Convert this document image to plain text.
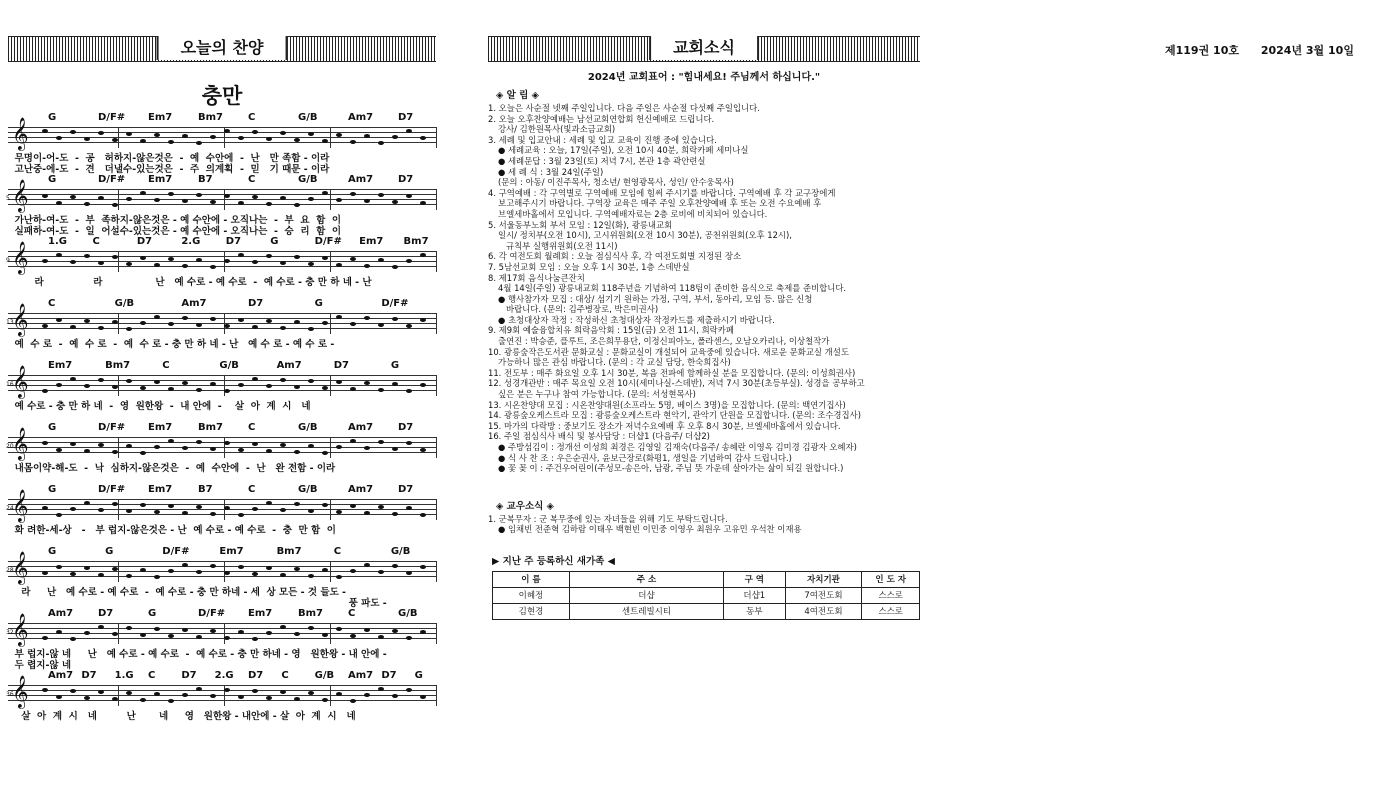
제119권 10호 2024년 3월 10일
오늘의 찬양
충만
G	D/F# Em7	Bm7	C	G/B	Am7 D7
𝄞
무명이-어-도  -  공   허하지-않은것은  -  예  수안에  -  난   만 족함 - 이라
고난중-에-도  -  견   더낼수-있는것은  -  주  의계획  -  믿   기 때문 - 이라
G	D/F# Em7	B7	C	G/B	Am7 D7
𝄞
5
가난하-여-도  -  부  족하지-않은것은 - 예 수안에 - 오직나는  -  부  요  함  이
실패하-여-도  -  일  어설수-있는것은 - 예 수안에 - 오직나는  -  승  리  함  이
1.G	C	D7	2.G	D7	G	D/F# Em7 Bm7
𝄞
9
라               라                난   예 수로 - 예 수로  -  예 수로 - 충 만 하 네 - 난
C	G/B	Am7	D7	G	D/F#
𝄞
13
예  수 로  -  예  수 로  -  예  수 로 - 충 만 하 네 - 난   예 수 로 - 예 수 로 -
Em7	Bm7	C	G/B	Am7	D7	G
𝄞
16
예 수로 - 충 만 하 네  -  영  원한왕  -  내 안에  -    살  아  계  시   네
G	D/F# Em7	Bm7	C	G/B	Am7 D7
𝄞
20
내몸이약-해-도  -  낙  심하지-않은것은  -  예  수안에  -  난   완 전함 - 이라
G	D/F# Em7	B7	C	G/B	Am7 D7
𝄞
24
화 려한-세-상   -   부 럽지-않은것은 - 난  예 수로 - 예 수로  -  충  만 함  이
G	G	D/F#	Em7	Bm7	C	G/B
𝄞
28
라     난   예 수로 - 예 수로  -  예 수로 - 충 만 하네 - 세  상 모든 - 것 들도 -
풍 파도 -
Am7 D7	G	D/F# Em7	Bm7	C	G/B
𝄞
32
부 럽지-않 네     난   예 수로 - 예 수로  -  예 수로 - 충 만 하네 - 영   원한왕 - 내 안에 -
두 렵지-않 네
Am7 D7 1.G C	D7 2.G D7 C	G/B Am7 D7 G
𝄞
36
살  아  계  시   네         난       네     영   원한왕 - 내안에 - 살  아  계  시   네
교회소식
2024년 교회표어 : "힘내세요! 주님께서 하십니다."
◈ 알 림 ◈
1. 오늘은 사순절 넷째 주일입니다. 다음 주일은 사순절 다섯째 주일입니다.
2. 오늘 오후찬양예배는 남선교회연합회 헌신예배로 드립니다.
강사/ 김한원목사(빛과소금교회)
3. 세례 및 입교안내 : 세례 및 입교 교육이 진행 중에 있습니다.
● 세례교육 : 오늘, 17일(주일), 오전 10시 40분, 희락카페 세미나실
● 세례문답 : 3월 23일(토) 저녁 7시, 본관 1층 곽안련실
● 세 례 식 : 3월 24일(주일)
(문의 : 아동/ 이진주목사, 청소년/ 현영광목사, 성인/ 안수웅목사)
4. 구역예배 : 각 구역별로 구역예배 모임에 힘써 주시기를 바랍니다. 구역예배 후 각 교구장에게
보고해주시기 바랍니다. 구역장 교육은 매주 주일 오후찬양예배 후 또는 오전 수요예배 후
브엘세바홀에서 모입니다. 구역예배자료는 2층 로비에 비치되어 있습니다.
5. 서울동부노회 부서 모임 : 12일(화), 광릉내교회
일시/ 정치부(오전 10시), 고시위원회(오전 10시 30분), 공천위원회(오후 12시),
규칙부 실행위원회(오전 11시)
6. 각 여전도회 월례회 : 오늘 점심식사 후, 각 여전도회별 지정된 장소
7. 5남선교회 모임 : 오늘 오후 1시 30분, 1층 스데반실
8. 제17회 음식나눔큰잔치
4월 14일(주일) 광릉내교회 118주년을 기념하여 118팀이 준비한 음식으로 축제를 준비합니다.
● 행사참가자 모집 : 대상/ 섬기기 원하는 가정, 구역, 부서, 동아리, 모임 등. 많은 신청
바랍니다. (문의: 김주병장로, 박은미권사)
● 초청대상자 작정 : 작성하신 초청대상자 작정카드를 제출하시기 바랍니다.
9. 제9회 예술융합치유 희락음악회 : 15일(금) 오전 11시, 희락카페
출연진 : 박승준, 플루트, 조은희무용단, 이정신피아노, 폴라센스, 오남오카리나, 이상철작가
10. 광릉숲작은도서관 문화교실 : 문화교실이 개설되어 교육중에 있습니다. 새로운 문화교실 개설도
가능하니 많은 관심 바랍니다. (문의 : 각 교실 담당, 한숙희집사)
11. 전도부 : 매주 화요일 오후 1시 30분, 복음 전파에 함께하실 분을 모집합니다. (문의: 이성희권사)
12. 성경개관반 : 매주 목요일 오전 10시(세미나실-스데반), 저녁 7시 30분(초등부실). 성경을 공부하고
싶은 분은 누구나 참여 가능합니다. (문의: 서성현목사)
13. 시온찬양대 모집 : 시온찬양대원(소프라노 5명, 베이스 3명)을 모집합니다. (문의: 백연기집사)
14. 광릉숲오케스트라 모집 : 광릉숲오케스트라 현악기, 관악기 단원을 모집합니다. (문의: 조수경집사)
15. 마가의 다락방 : 중보기도 장소가 저녁수요예배 후 오후 8시 30분, 브엘세바홀에서 있습니다.
16. 주일 점심식사 배식 및 봉사담당 : 더샵1 (다음주/ 더샵2)
● 주방섬김이 : 정개선 이성희 최경은 김영일 김재숙(다음주/ 송혜란 이영옥 김미경 김광자 오혜자)
● 식 사 찬 조 : 우은순권사, 윤보근장로(화평1, 생일을 기념하여 감사 드립니다.)
● 꽃 꽂 이 : 주건우어린이(주성모-송은아, 남광, 주님 뜻 가운데 살아가는 삶이 되길 원합니다.)
◈ 교우소식 ◈
1. 군복무자 : 군 복무중에 있는 자녀들을 위해 기도 부탁드립니다.
● 임채빈 전준혁 김하람 이태우 백현빈 이민중 이영우 최원우 고유민 우석찬 이재용
▶ 지난 주 등록하신 새가족 ◀
이 름	주 소	구 역	자치기관	인 도 자
이혜정	더샵	더샵1	7여전도회	스스로
김현경	센트레빌시티	동부	4여전도회	스스로
